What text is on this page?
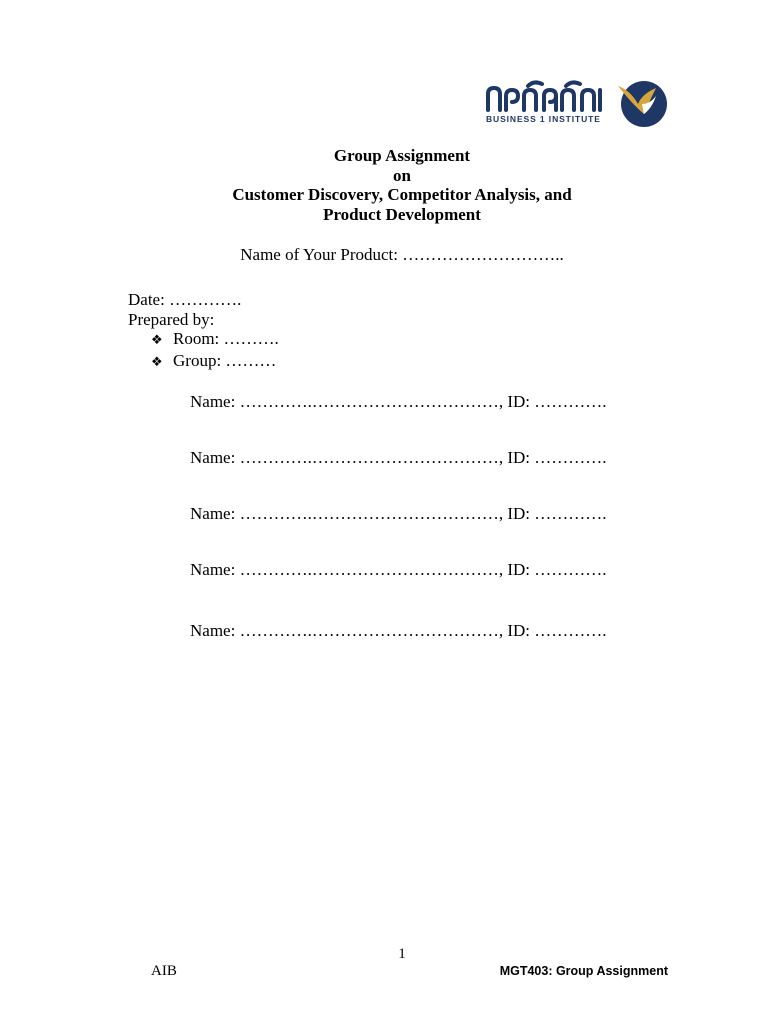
BUSINESS 1 INSTITUTE
Group Assignment
on
Customer Discovery, Competitor Analysis, and
Product Development
Name of Your Product: ………………………..
Date: ………….
Prepared by:
❖ Room: ……….
❖ Group: ………
Name: ………….……………………………, ID: ………….
Name: ………….……………………………, ID: ………….
Name: ………….……………………………, ID: ………….
Name: ………….……………………………, ID: ………….
Name: ………….……………………………, ID: ………….
1
AIB	MGT403: Group Assignment
